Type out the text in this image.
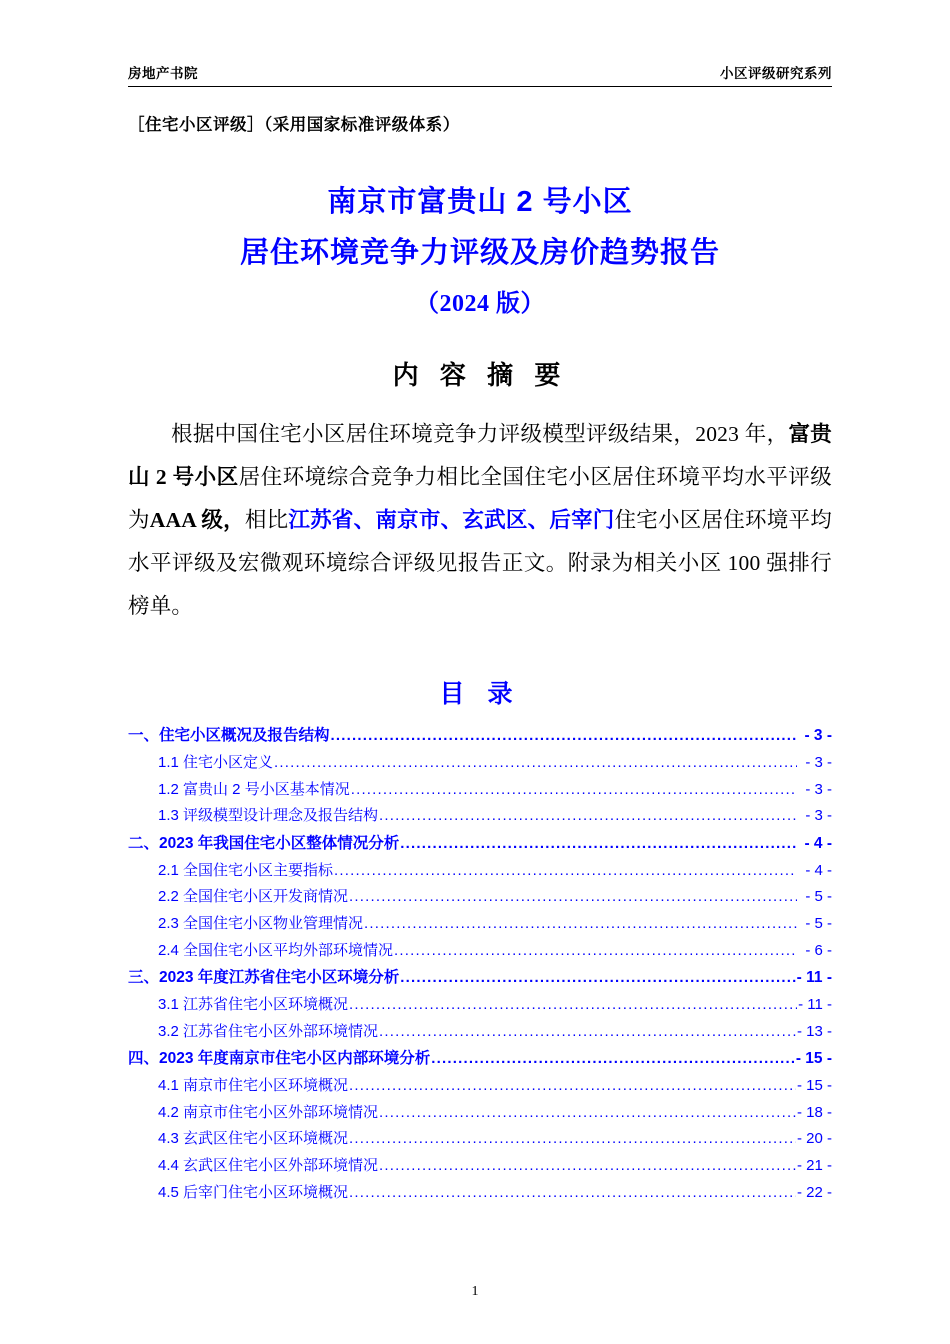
房地产书院	小区评级研究系列
［住宅小区评级］（采用国家标准评级体系）
南京市富贵山 2 号小区
居住环境竞争力评级及房价趋势报告
（2024 版）
内 容 摘 要

根据中国住宅小区居住环境竞争力评级模型评级结果，2023 年，富贵山 2 号小区居住环境综合竞争力相比全国住宅小区居住环境平均水平评级为AAA 级，相比江苏省、南京市、玄武区、后宰门住宅小区居住环境平均水平评级及宏微观环境综合评级见报告正文。附录为相关小区 100 强排行榜单。

目 录
一、住宅小区概况及报告结构 .....	- 3 -
1.1 住宅小区定义 .....	- 3 -
1.2 富贵山 2 号小区基本情况 .....	- 3 -
1.3 评级模型设计理念及报告结构 .....	- 3 -
二、2023 年我国住宅小区整体情况分析 .....	- 4 -
2.1 全国住宅小区主要指标 .....	- 4 -
2.2 全国住宅小区开发商情况 .....	- 5 -
2.3 全国住宅小区物业管理情况 .....	- 5 -
2.4 全国住宅小区平均外部环境情况 .....	- 6 -
三、2023 年度江苏省住宅小区环境分析 .....	- 11 -
3.1 江苏省住宅小区环境概况 .....	- 11 -
3.2 江苏省住宅小区外部环境情况 .....	- 13 -
四、2023 年度南京市住宅小区内部环境分析 .....	- 15 -
4.1 南京市住宅小区环境概况 .....	- 15 -
4.2 南京市住宅小区外部环境情况 .....	- 18 -
4.3 玄武区住宅小区环境概况 .....	- 20 -
4.4 玄武区住宅小区外部环境情况 .....	- 21 -
4.5 后宰门住宅小区环境概况 .....	- 22 -
1
